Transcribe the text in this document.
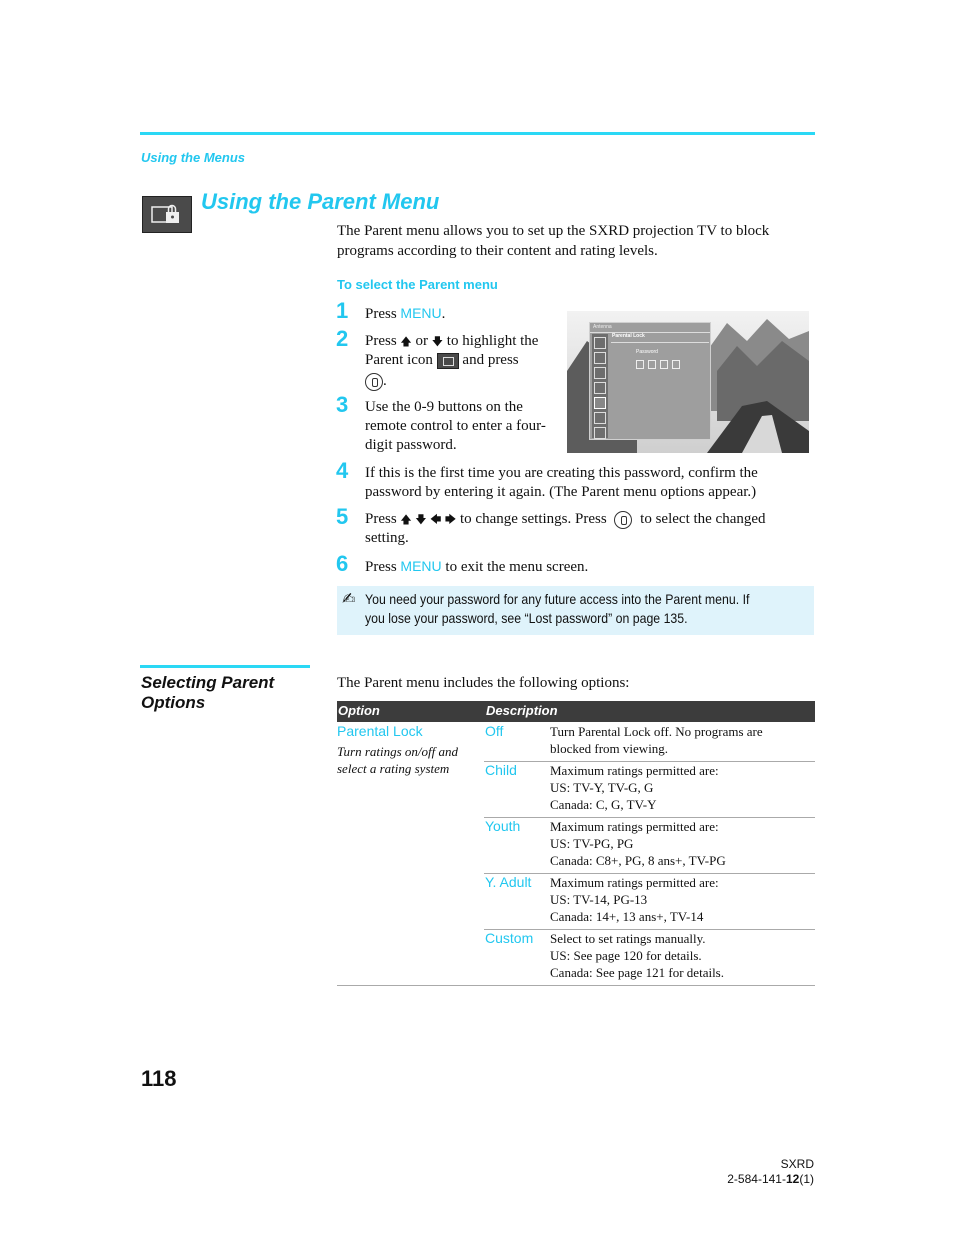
Using the Menus
Using the Parent Menu
The Parent menu allows you to set up the SXRD projection TV to block programs according to their content and rating levels.
To select the Parent menu
1	Press MENU.
2	Press 🡅 or 🡇 to highlight the
Parent icon and press
.
3	Use the 0-9 buttons on the
remote control to enter a four-
digit password.
Antenna
Parental Lock
Password

4	If this is the first time you are creating this password, confirm the password by entering it again. (The Parent menu options appear.)
5	Press 🡅 🡇 🡄 🡆 to change settings. Press  to select the changed
setting.
6	Press MENU to exit the menu screen.
✍ You need your password for any future access into the Parent menu. If you lose your password, see “Lost password” on page 135.
Selecting Parent Options
The Parent menu includes the following options:
Option	Description
Parental Lock
Turn ratings on/off and select a rating system
Off	Turn Parental Lock off. No programs are
blocked from viewing.
Child	Maximum ratings permitted are:
US: TV-Y, TV-G, G
Canada: C, G, TV-Y
Youth Maximum ratings permitted are:
US: TV-PG, PG
Canada: C8+, PG, 8 ans+, TV-PG
Y. Adult Maximum ratings permitted are:
US: TV-14, PG-13
Canada: 14+, 13 ans+, TV-14
Custom Select to set ratings manually.
US: See page 120 for details.
Canada: See page 121 for details.
118
SXRD
2-584-141-12(1)
